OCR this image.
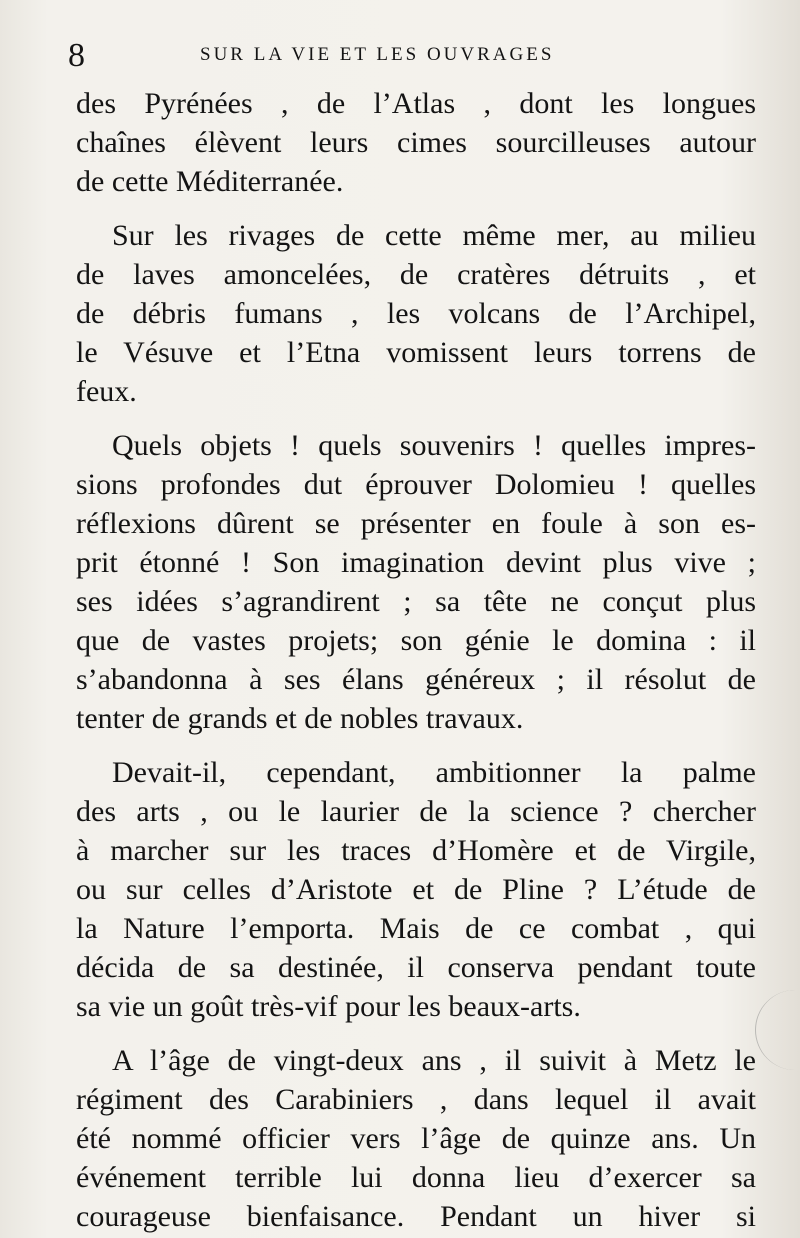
8	SUR LA VIE ET LES OUVRAGES
des Pyrénées , de l’Atlas , dont les longues
chaînes élèvent leurs cimes sourcilleuses autour
de cette Méditerranée.
Sur les rivages de cette même mer, au milieu
de laves amoncelées, de cratères détruits , et
de débris fumans , les volcans de l’Archipel,
le Vésuve et l’Etna vomissent leurs torrens de
feux.
Quels objets ! quels souvenirs ! quelles impres-
sions profondes dut éprouver Dolomieu ! quelles
réflexions dûrent se présenter en foule à son es-
prit étonné ! Son imagination devint plus vive ;
ses idées s’agrandirent ; sa tête ne conçut plus
que de vastes projets; son génie le domina : il
s’abandonna à ses élans généreux ; il résolut de
tenter de grands et de nobles travaux.
Devait-il, cependant, ambitionner la palme
des arts , ou le laurier de la science ? chercher
à marcher sur les traces d’Homère et de Virgile,
ou sur celles d’Aristote et de Pline ? L’étude de
la Nature l’emporta. Mais de ce combat , qui
décida de sa destinée, il conserva pendant toute
sa vie un goût très-vif pour les beaux-arts.
A l’âge de vingt-deux ans , il suivit à Metz le
régiment des Carabiniers , dans lequel il avait
été nommé officier vers l’âge de quinze ans. Un
événement terrible lui donna lieu d’exercer sa
courageuse bienfaisance. Pendant un hiver si
